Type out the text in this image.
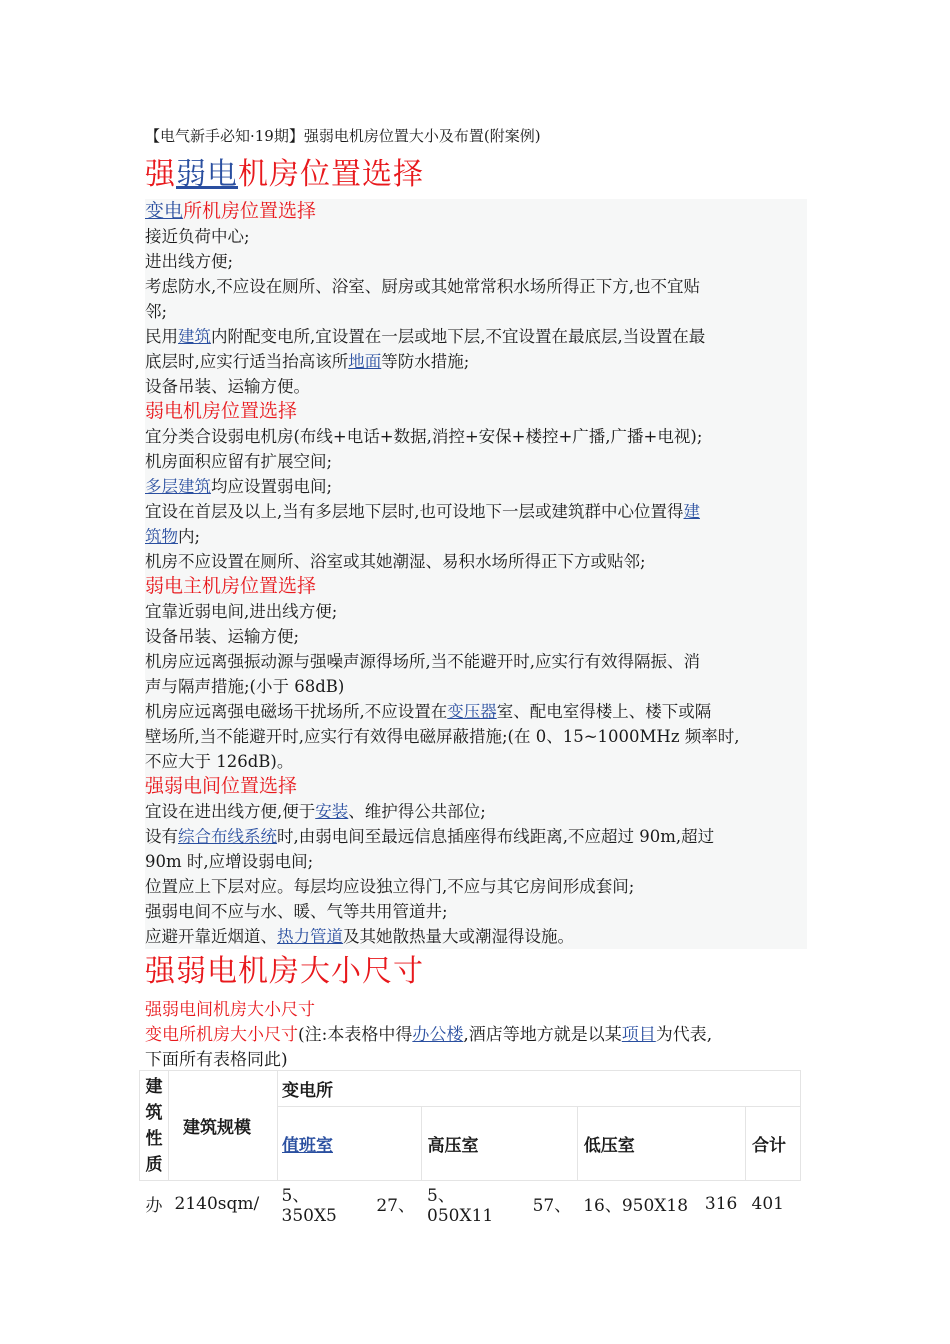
【电气新手必知·19期】强弱电机房位置大小及布置(附案例)
强弱电机房位置选择
变电所机房位置选择
接近负荷中心;
进出线方便;
考虑防水,不应设在厕所、浴室、厨房或其她常常积水场所得正下方,也不宜贴
邻;
民用建筑内附配变电所,宜设置在一层或地下层,不宜设置在最底层,当设置在最
底层时,应实行适当抬高该所地面等防水措施;
设备吊装、运输方便。
弱电机房位置选择
宜分类合设弱电机房(布线+电话+数据,消控+安保+楼控+广播,广播+电视);
机房面积应留有扩展空间;
多层建筑均应设置弱电间;
宜设在首层及以上,当有多层地下层时,也可设地下一层或建筑群中心位置得建
筑物内;
机房不应设置在厕所、浴室或其她潮湿、易积水场所得正下方或贴邻;
弱电主机房位置选择
宜靠近弱电间,进出线方便;
设备吊装、运输方便;
机房应远离强振动源与强噪声源得场所,当不能避开时,应实行有效得隔振、消
声与隔声措施;(小于 68dB)
机房应远离强电磁场干扰场所,不应设置在变压器室、配电室得楼上、楼下或隔
壁场所,当不能避开时,应实行有效得电磁屏蔽措施;(在 0、15~1000MHz 频率时,
不应大于 126dB)。
强弱电间位置选择
宜设在进出线方便,便于安装、维护得公共部位;
设有综合布线系统时,由弱电间至最远信息插座得布线距离,不应超过 90m,超过
90m 时,应增设弱电间;
位置应上下层对应。每层均应设独立得门,不应与其它房间形成套间;
强弱电间不应与水、暖、气等共用管道井;
应避开靠近烟道、热力管道及其她散热量大或潮湿得设施。
强弱电机房大小尺寸
强弱电间机房大小尺寸
变电所机房大小尺寸(注:本表格中得办公楼,酒店等地方就是以某项目为代表,
下面所有表格同此)
建筑性质	建筑规模	变电所						
		值班室		高压室		低压室		合计
办	2140sqm/	5、350X5	27、	5、050X11	57、	16、950X18	316	401
